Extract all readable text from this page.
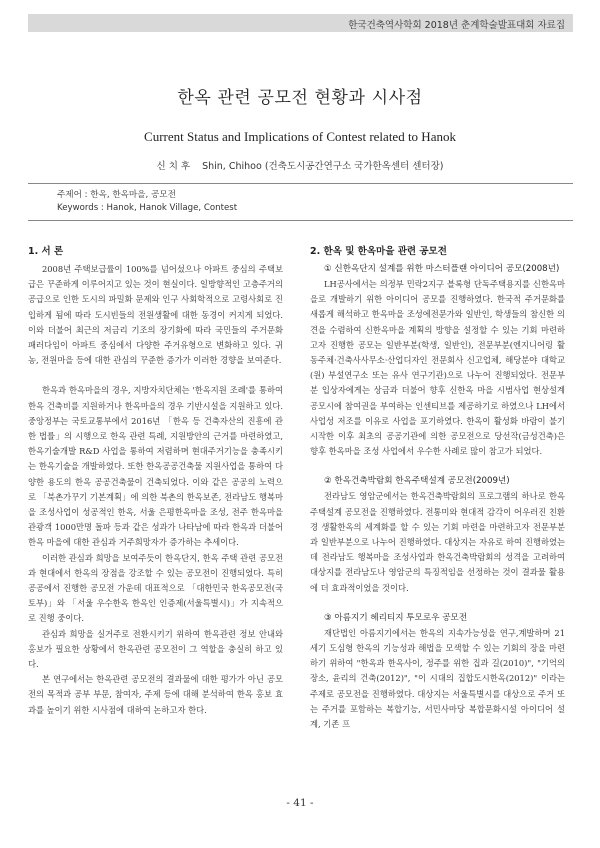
한국건축역사학회 2018년 춘계학술발표대회 자료집
한옥 관련 공모전 현황과 시사점
Current Status and Implications of Contest related to Hanok
신 치 후 Shin, Chihoo (건축도시공간연구소 국가한옥센터 센터장)
주제어 : 한옥, 한옥마을, 공모전
Keywords : Hanok, Hanok Village, Contest
1. 서 론	2. 한옥 및 한옥마을 관련 공모전

2008년 주택보급률이 100%를 넘어섰으나 아파트 중심의 주택보급은 꾸준하게 이루어지고 있는 것이 현실이다. 일방향적인 고층주거의 공급으로 인한 도시의 파밀화 문제와 인구 사회학적으로 고령사회로 진입하게 됨에 따라 도시빈들의 전원생활에 대한 동경이 커지게 되었다. 이와 더불어 최근의 저금리 기조의 장기화에 따라 국민들의 주거문화 패러다임이 아파트 중심에서 다양한 주거유형으로 변화하고 있다. 귀농, 전원마을 등에 대한 관심의 꾸준한 증가가 이러한 경향을 보여준다.

한옥과 한옥마을의 경우, 지방자치단체는 '한옥지원 조례'를 통하여 한옥 건축비를 지원하거나 한옥마을의 경우 기반시설을 지원하고 있다. 중앙정부는 국토교통부에서 2016년 「한옥 등 건축자산의 진흥에 관한 법률」의 시행으로 한옥 관련 특례, 지원방안의 근거를 마련하였고, 한옥기술개발 R&D 사업을 통하여 저렴하며 현대주거기능을 충족시키는 한옥기술을 개발하였다. 또한 한옥공공건축물 지원사업을 통하여 다양한 용도의 한옥 공공건축물이 건축되었다. 이와 같은 공공의 노력으로 「북촌가꾸기 기본계획」에 의한 북촌의 한옥보존, 전라남도 행복마을 조성사업이 성공적인 한옥, 서울 은평한옥마을 조성, 전주 한옥마을 관광객 1000만명 돌파 등과 같은 성과가 나타남에 따라 한옥과 더불어 한옥 마을에 대한 관심과 거주희망자가 증가하는 추세이다.

이러한 관심과 희망을 보여주듯이 한옥단지, 한옥 주택 관련 공모전과 현대에서 한옥의 장점을 강조할 수 있는 공모전이 진행되었다. 특히 공공에서 진행한 공모전 가운데 대표적으로 「대한민국 한옥공모전(국토부)」와 「서울 우수한옥 한옥인 인증제(서울특별시)」가 지속적으로 진행 중이다.

관심과 희망을 실거주로 전환시키기 위하여 한옥관련 정보 안내와 홍보가 필요한 상황에서 한옥관련 공모전이 그 역할을 충실히 하고 있다.

본 연구에서는 한옥관련 공모전의 결과물에 대한 평가가 아닌 공모전의 목적과 공부 부문, 참여자, 주제 등에 대해 분석하여 한옥 홍보 효과를 높이기 위한 시사점에 대하여 논하고자 한다.

① 신한옥단지 설계를 위한 마스터플랜 아이디어 공모(2008년)

LH공사에서는 의정부 민락2지구 블록형 단독주택용지를 신한옥마을로 개발하기 위한 아이디어 공모를 진행하였다. 한국적 주거문화를 새롭게 해석하고 한옥마을 조성에전문가와 일반인, 학생들의 참신한 의견을 수렴하여 신한옥마을 계획의 방향을 설정할 수 있는 기회 마련하고자 진행한 공모는 일반부분(학생, 일반인), 전문부분(엔지니어링 활동주체·건축사사무소·산업디자인 전문회사 신고업체, 해당분야 대학교(원) 부설연구소 또는 유사 연구기관)으로 나누어 진행되었다. 전문부분 입상자에게는 상금과 더불어 향후 신한옥 마을 시범사업 현상설계 공모시에 참여권을 부여하는 인센티브를 제공하기로 하였으나 LH에서 사업성 저조를 이유로 사업을 포기하였다. 한옥이 활성화 바람이 불기 시작한 이후 최초의 공공기관에 의한 공모전으로 당선작(금성건축)은 향후 한옥마을 조성 사업에서 우수한 사례로 많이 참고가 되었다.

② 한옥건축박람회 한옥주택설계 공모전(2009년)

전라남도 영암군에서는 한옥건축박람회의 프로그램의 하나로 한옥주택설계 공모전을 진행하였다. 전통미와 현대적 감각이 어우러진 친환경 생활한옥의 세계화를 할 수 있는 기회 마련을 마련하고자 전문부분과 일반부분으로 나누어 진행하였다. 대상지는 자유로 하여 진행하였는데 전라남도 행복마을 조성사업과 한옥건축박람회의 성격을 고려하여 대상지를 전라남도나 영암군의 특징적임을 선정하는 것이 결과물 활용에 더 효과적이었을 것이다.

③ 아름지기 헤리티지 투모로우 공모전

재단법인 아름지기에서는 한옥의 지속가능성을 연구,계발하며 21세기 도심형 한옥의 기능성과 해법을 모색할 수 있는 기회의 장을 마련하기 위하여 "한옥과 한옥사이, 정주를 위한 집과 길(2010)", "기억의 장소, 윤리의 건축(2012)", "이 시대의 집합도시한옥(2012)" 이라는 주제로 공모전을 진행하였다. 대상지는 서울특별시를 대상으로 주거 또는 주거를 포함하는 복합기능, 서민사마당 복합문화시설 아이디어 설계, 기존 프

- 41 -
